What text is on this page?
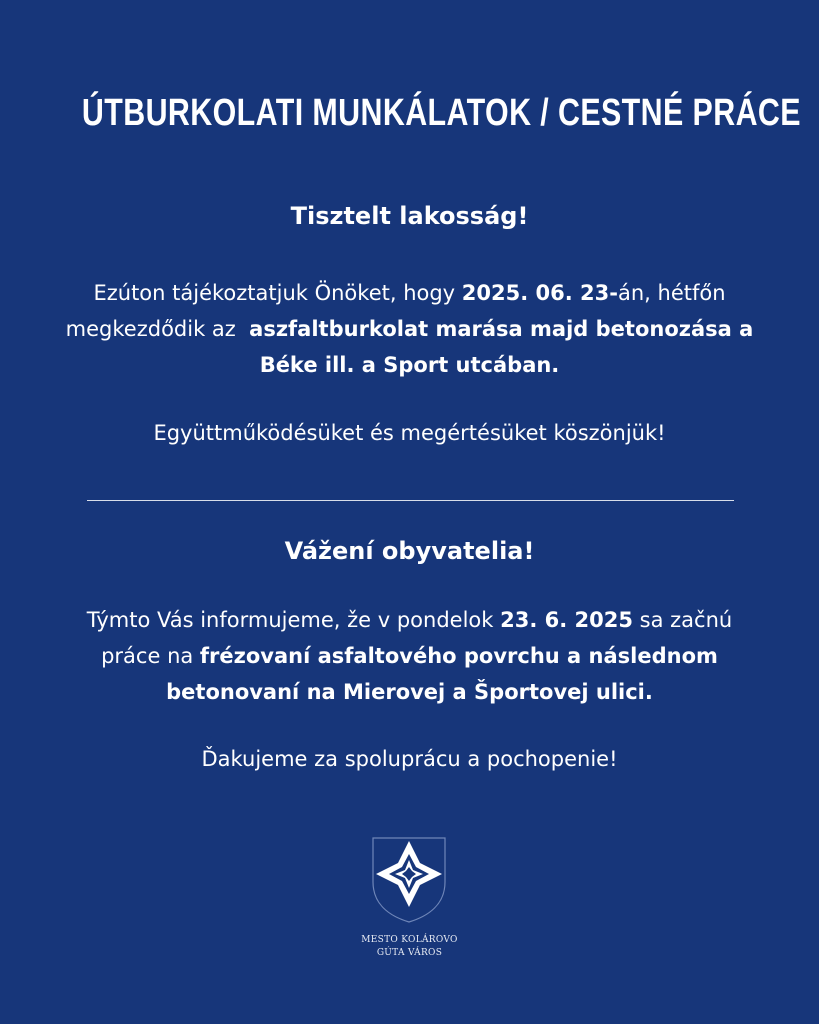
ÚTBURKOLATI MUNKÁLATOK / CESTNÉ PRÁCE
Tisztelt lakosság!
Ezúton tájékoztatjuk Önöket, hogy 2025. 06. 23-án, hétfőn
megkezdődik az  aszfaltburkolat marása majd betonozása a
Béke ill. a Sport utcában.
Együttműködésüket és megértésüket köszönjük!
Vážení obyvatelia!
Týmto Vás informujeme, že v pondelok 23. 6. 2025 sa začnú
práce na frézovaní asfaltového povrchu a následnom
betonovaní na Mierovej a Športovej ulici.
Ďakujeme za spoluprácu a pochopenie!
MESTO KOLÁROVO
GÚTA VÁROS
